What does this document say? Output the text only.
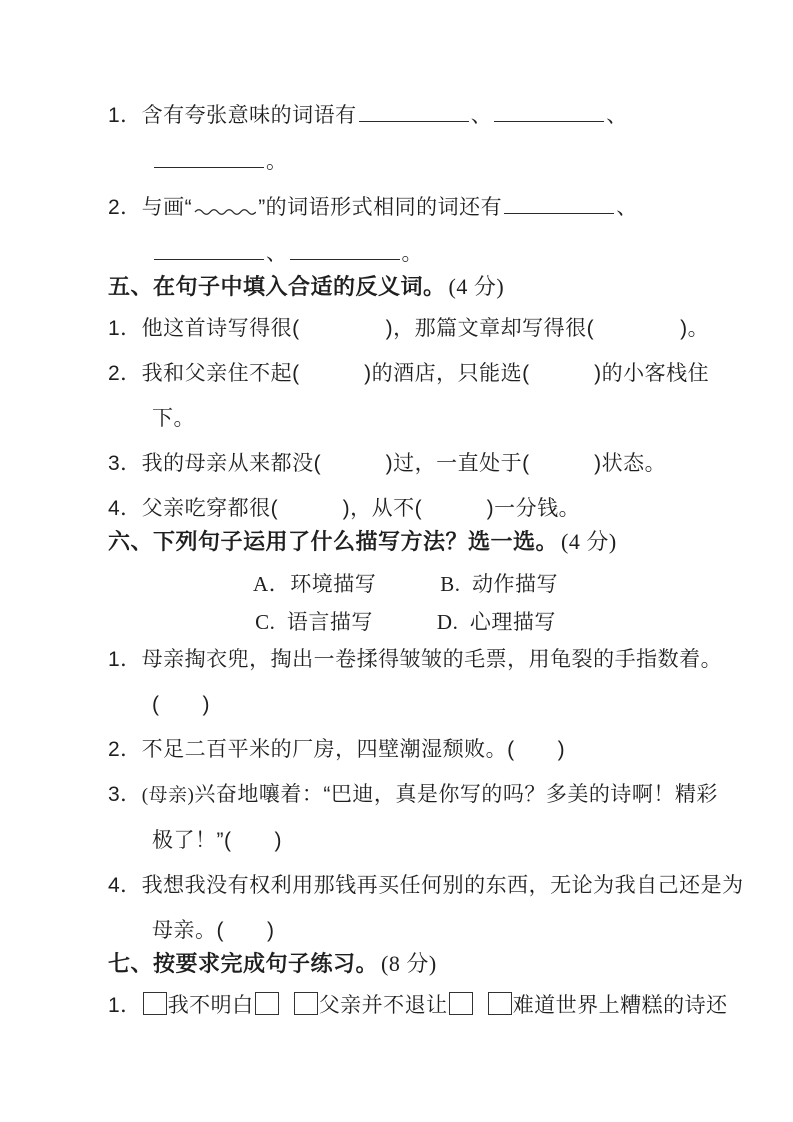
1．含有夸张意味的词语有	、	、
。
2．与画“	”的词语形式相同的词还有	、
、	。
五、在句子中填入合适的反义词。 (4 分)
1．他这首诗写得很(　　　　)，那篇文章却写得很(　　　　)。
2．我和父亲住不起(　　　)的酒店，只能选(　　　)的小客栈住
下。
3．我的母亲从来都没(　　　)过，一直处于(　　　)状态。
4．父亲吃穿都很(　　　)，从不(　　　)一分钱。
六、下列句子运用了什么描写方法？选一选。 (4 分)
A．环境描写	B.  动作描写
C.  语言描写	D.  心理描写
1．母亲掏衣兜，掏出一卷揉得皱皱的毛票，用龟裂的手指数着。
(　　)
2．不足二百平米的厂房，四壁潮湿颓败。(　　)
3．(母亲)兴奋地嚷着：“巴迪，真是你写的吗？多美的诗啊！精彩
极了！”(　　)
4．我想我没有权利用那钱再买任何别的东西，无论为我自己还是为
母亲。(　　)
七、按要求完成句子练习。 (8 分)
1． 我不明白	父亲并不退让	难道世界上糟糕的诗还
